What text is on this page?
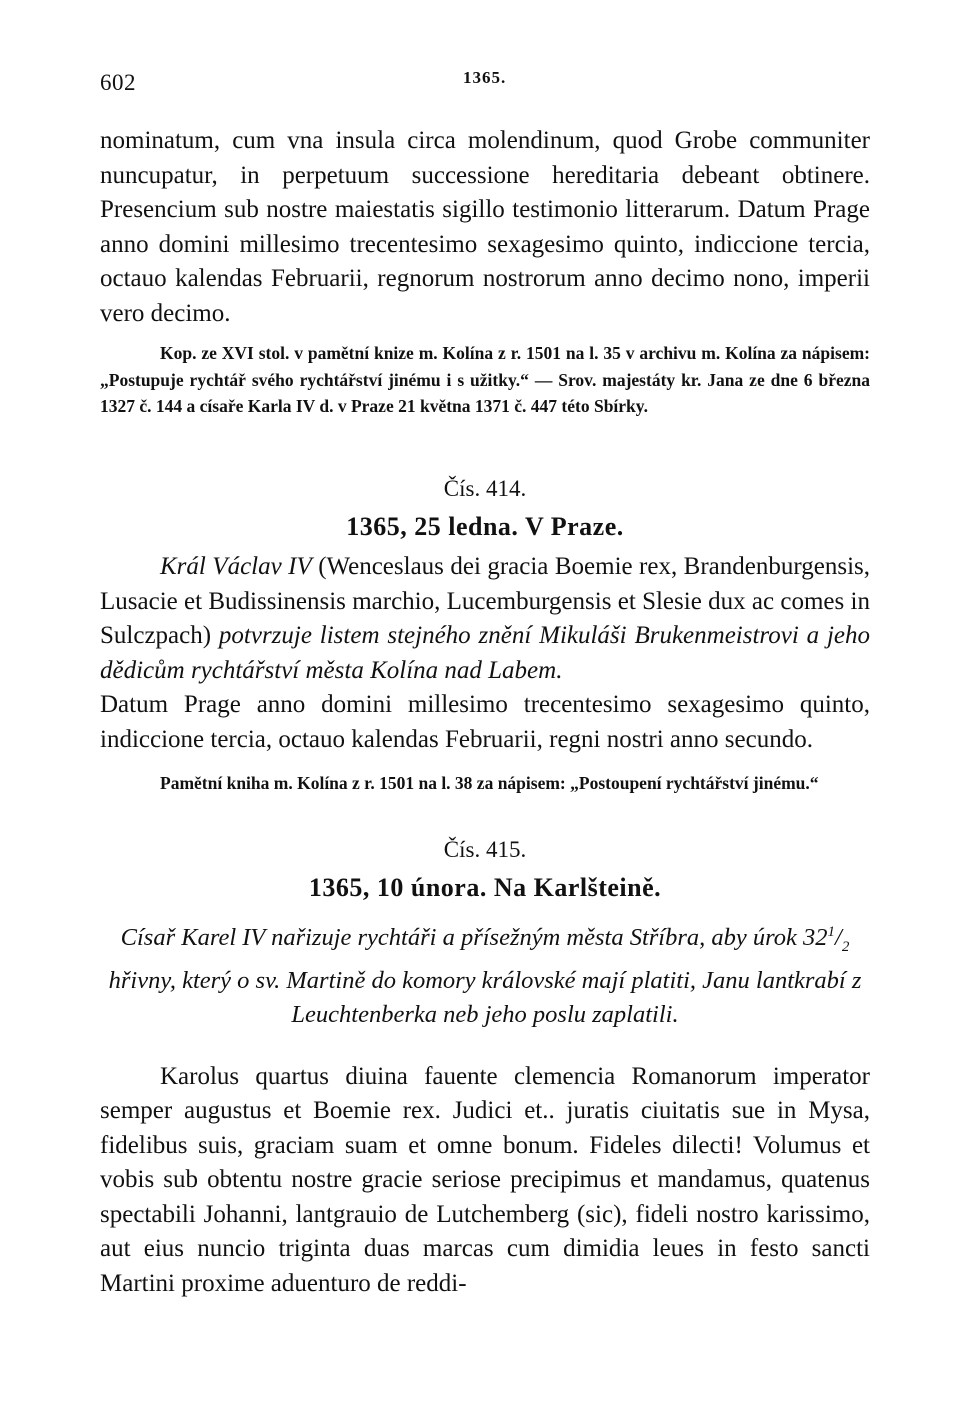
602	1365.

nominatum, cum vna insula circa molendinum, quod Grobe communiter nuncupatur, in perpetuum successione hereditaria debeant obtinere. Presencium sub nostre maiestatis sigillo testimonio litterarum. Datum Prage anno domini millesimo trecentesimo sexagesimo quinto, indiccione tercia, octauo kalendas Februarii, regnorum nostrorum anno decimo nono, imperii vero decimo.

Kop. ze XVI stol. v pamětní knize m. Kolína z r. 1501 na l. 35 v archivu m. Kolína za nápisem: „Postupuje rychtář svého rychtářství jinému i s užitky.“ — Srov. majestáty kr. Jana ze dne 6 března 1327 č. 144 a císaře Karla IV d. v Praze 21 května 1371 č. 447 této Sbírky.

Čís. 414.

1365, 25 ledna. V Praze.

Král Václav IV (Wenceslaus dei gracia Boemie rex, Brandenburgensis, Lusacie et Budissinensis marchio, Lucemburgensis et Slesie dux ac comes in Sulczpach) potvrzuje listem stejného znění Mikuláši Brukenmeistrovi a jeho dědicům rychtářství města Kolína nad Labem.

Datum Prage anno domini millesimo trecentesimo sexagesimo quinto, indiccione tercia, octauo kalendas Februarii, regni nostri anno secundo.

Pamětní kniha m. Kolína z r. 1501 na l. 38 za nápisem: „Postoupení rychtářství jinému.“

Čís. 415.

1365, 10 února. Na Karlšteině.

Císař Karel IV nařizuje rychtáři a přísežným města Stříbra, aby úrok $32^1/_2$ hřivny, který o sv. Martině do komory královské mají platiti, Janu lantkrabí z Leuchtenberka neb jeho poslu zaplatili.

Karolus quartus diuina fauente clemencia Romanorum imperator semper augustus et Boemie rex. Judici et.. juratis ciuitatis sue in Mysa, fidelibus suis, graciam suam et omne bonum. Fideles dilecti! Volumus et vobis sub obtentu nostre gracie seriose precipimus et mandamus, quatenus spectabili Johanni, lantgrauio de Lutchemberg (sic), fideli nostro karissimo, aut eius nuncio triginta duas marcas cum dimidia leues in festo sancti Martini proxime aduenturo de reddi-
